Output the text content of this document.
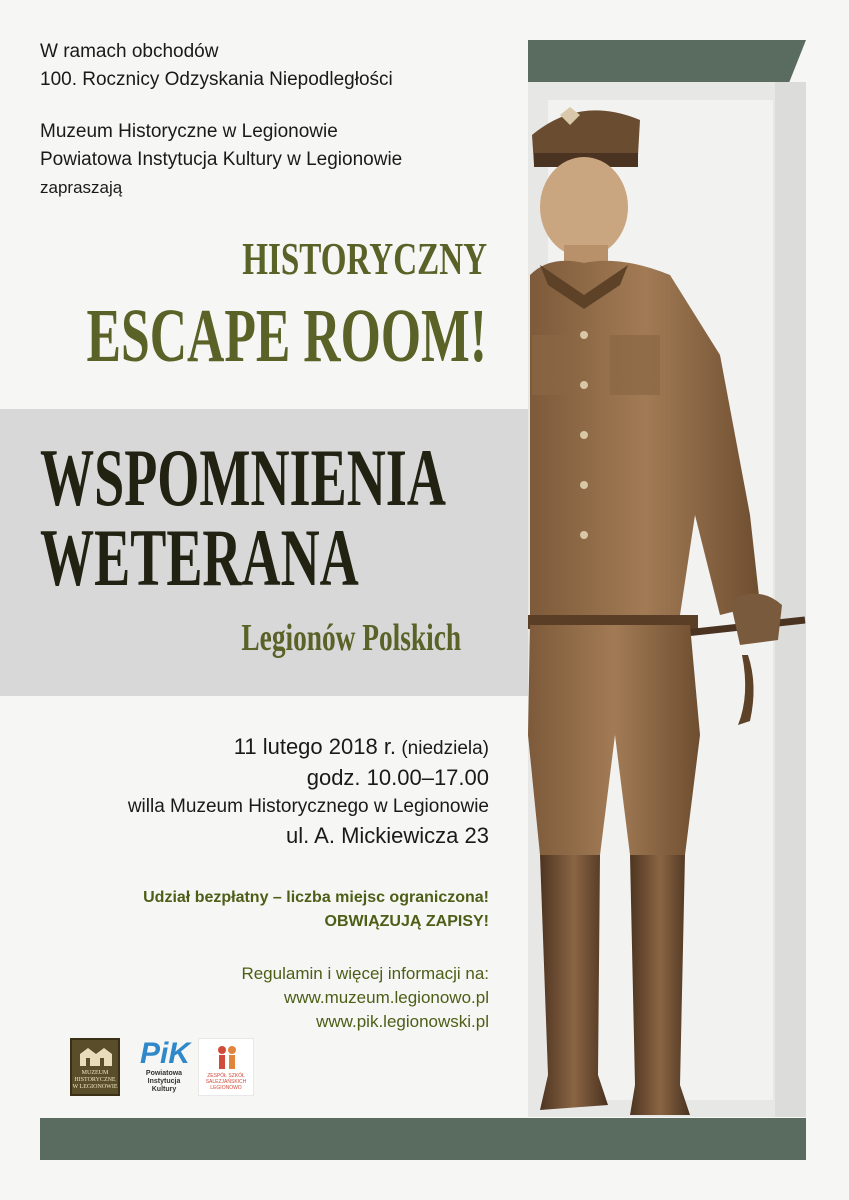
W ramach obchodów
100. Rocznicy Odzyskania Niepodległości
Muzeum Historyczne w Legionowie
Powiatowa Instytucja Kultury w Legionowie
zapraszają
HISTORYCZNY
ESCAPE ROOM!
WSPOMNIENIA
WETERANA
Legionów Polskich
11 lutego 2018 r. (niedziela)
godz. 10.00–17.00
willa Muzeum Historycznego w Legionowie
ul. A. Mickiewicza 23
Udział bezpłatny – liczba miejsc ograniczona!
OBWIĄZUJĄ ZAPISY!
Regulamin i więcej informacji na:
www.muzeum.legionowo.pl
www.pik.legionowski.pl
MUZEUM HISTORYCZNE W LEGIONOWIE
PiK
Powiatowa Instytucja Kultury
ZESPÓŁ SZKÓŁ SALEZJAŃSKICH LEGIONOWO
